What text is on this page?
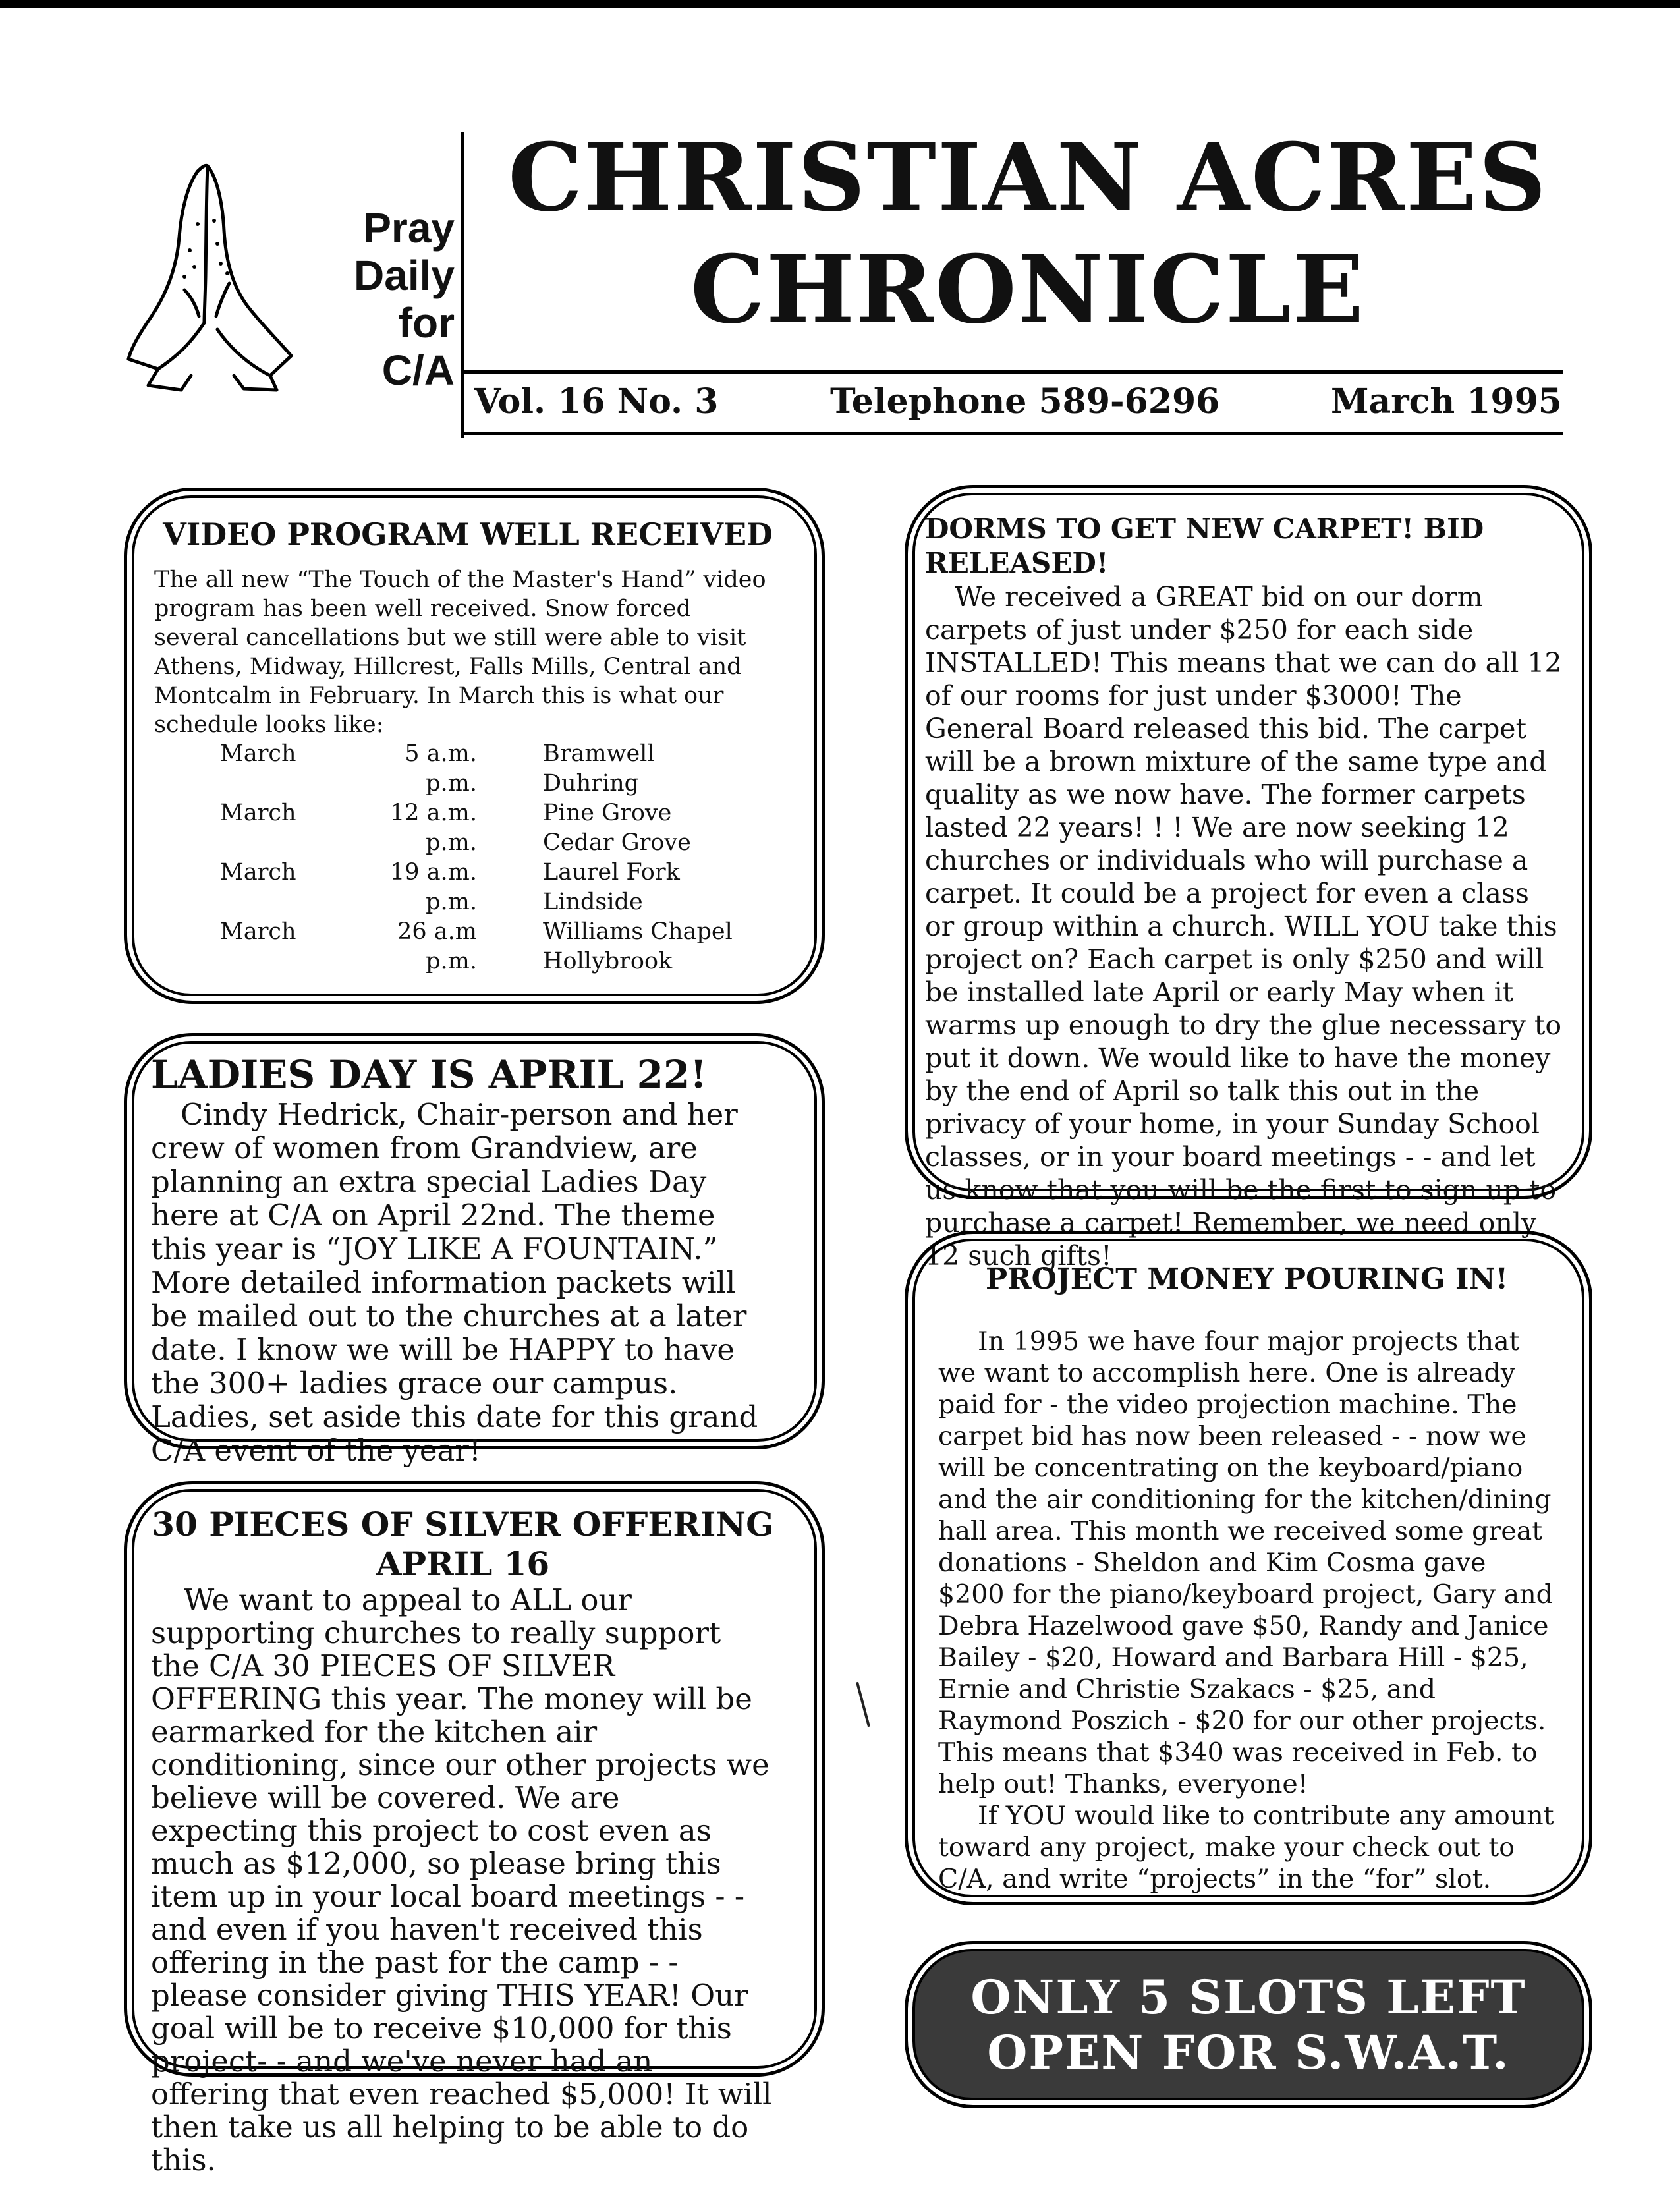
Pray
Daily
for
C/A
CHRISTIAN ACRES
CHRONICLE
Vol. 16 No. 3	Telephone 589-6296	March 1995
VIDEO PROGRAM WELL RECEIVED

The all new “The Touch of the Master's Hand” video program has been well received. Snow forced several cancellations but we still were able to visit Athens, Midway, Hillcrest, Falls Mills, Central and Montcalm in February. In March this is what our schedule looks like:

March	5 a.m.	Bramwell
	p.m.	Duhring
March	12 a.m.	Pine Grove
	p.m.	Cedar Grove
March	19 a.m.	Laurel Fork
	p.m.	Lindside
March	26 a.m	Williams Chapel
	p.m.	Hollybrook
LADIES DAY IS APRIL 22!

Cindy Hedrick, Chair-person and her crew of women from Grandview, are planning an extra special Ladies Day here at C/A on April 22nd. The theme this year is “JOY LIKE A FOUNTAIN.” More detailed information packets will be mailed out to the churches at a later date. I know we will be HAPPY to have the 300+ ladies grace our campus. Ladies, set aside this date for this grand C/A event of the year!

30 PIECES OF SILVER OFFERING
APRIL 16

We want to appeal to ALL our supporting churches to really support the C/A 30 PIECES OF SILVER OFFERING this year. The money will be earmarked for the kitchen air conditioning, since our other projects we believe will be covered. We are expecting this project to cost even as much as $12,000, so please bring this item up in your local board meetings - - and even if you haven't received this offering in the past for the camp - - please consider giving THIS YEAR! Our goal will be to receive $10,000 for this project- - and we've never had an offering that even reached $5,000! It will then take us all helping to be able to do this.

DORMS TO GET NEW CARPET! BID RELEASED!

We received a GREAT bid on our dorm carpets of just under $250 for each side INSTALLED! This means that we can do all 12 of our rooms for just under $3000! The General Board released this bid. The carpet will be a brown mixture of the same type and quality as we now have. The former carpets lasted 22 years! ! ! We are now seeking 12 churches or individuals who will purchase a carpet. It could be a project for even a class or group within a church. WILL YOU take this project on? Each carpet is only $250 and will be installed late April or early May when it warms up enough to dry the glue necessary to put it down. We would like to have the money by the end of April so talk this out in the privacy of your home, in your Sunday School classes, or in your board meetings - - and let us know that you will be the first to sign up to purchase a carpet! Remember, we need only 12 such gifts!

PROJECT MONEY POURING IN!

In 1995 we have four major projects that we want to accomplish here. One is already paid for - the video projection machine. The carpet bid has now been released - - now we will be concentrating on the keyboard/piano and the air conditioning for the kitchen/dining hall area. This month we received some great donations - Sheldon and Kim Cosma gave $200 for the piano/keyboard project, Gary and Debra Hazelwood gave $50, Randy and Janice Bailey - $20, Howard and Barbara Hill - $25, Ernie and Christie Szakacs - $25, and Raymond Poszich - $20 for our other projects. This means that $340 was received in Feb. to help out! Thanks, everyone!

If YOU would like to contribute any amount toward any project, make your check out to C/A, and write “projects” in the “for” slot.

ONLY 5 SLOTS LEFT
OPEN FOR S.W.A.T.
